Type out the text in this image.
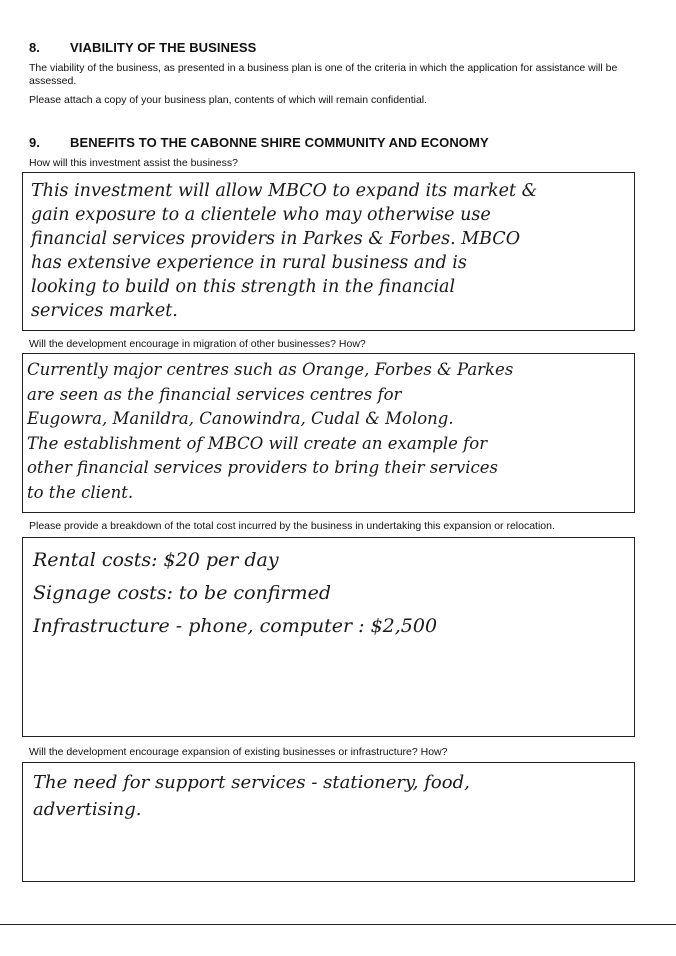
8. VIABILITY OF THE BUSINESS
The viability of the business, as presented in a business plan is one of the criteria in which the application for assistance will be assessed.
Please attach a copy of your business plan, contents of which will remain confidential.
9. BENEFITS TO THE CABONNE SHIRE COMMUNITY AND ECONOMY
How will this investment assist the business?
This investment will allow MBCO to expand its market &
gain exposure to a clientele who may otherwise use
financial services providers in Parkes & Forbes. MBCO
has extensive experience in rural business and is
looking to build on this strength in the financial
services market.
Will the development encourage in migration of other businesses? How?
Currently major centres such as Orange, Forbes & Parkes
are seen as the financial services centres for
Eugowra, Manildra, Canowindra, Cudal & Molong.
The establishment of MBCO will create an example for
other financial services providers to bring their services
to the client.
Please provide a breakdown of the total cost incurred by the business in undertaking this expansion or relocation.
Rental costs: $20 per day
Signage costs: to be confirmed
Infrastructure - phone, computer : $2,500
Will the development encourage expansion of existing businesses or infrastructure? How?
The need for support services - stationery, food,
advertising.
